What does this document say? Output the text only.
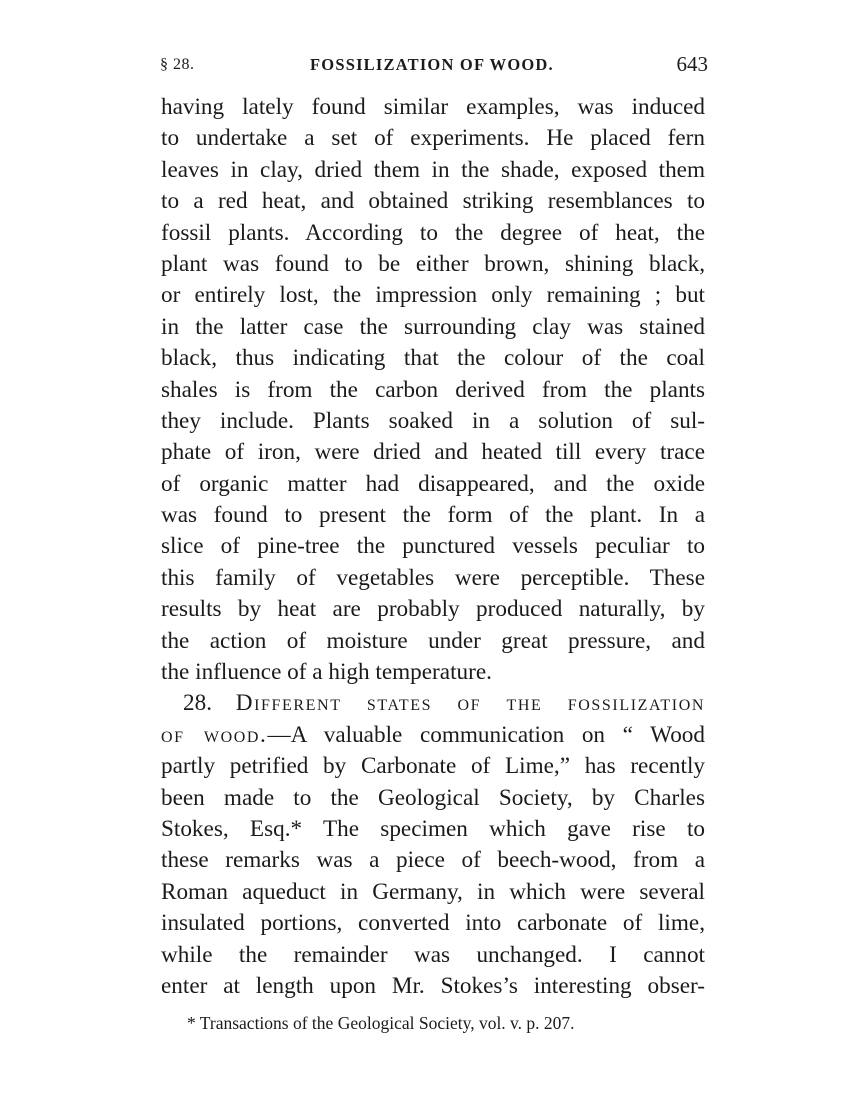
§ 28.	FOSSILIZATION OF WOOD.	643
having lately found similar examples, was induced
to undertake a set of experiments. He placed fern
leaves in clay, dried them in the shade, exposed them
to a red heat, and obtained striking resemblances to
fossil plants. According to the degree of heat, the
plant was found to be either brown, shining black,
or entirely lost, the impression only remaining ; but
in the latter case the surrounding clay was stained
black, thus indicating that the colour of the coal
shales is from the carbon derived from the plants
they include. Plants soaked in a solution of sul-
phate of iron, were dried and heated till every trace
of organic matter had disappeared, and the oxide
was found to present the form of the plant. In a
slice of pine-tree the punctured vessels peculiar to
this family of vegetables were perceptible. These
results by heat are probably produced naturally, by
the action of moisture under great pressure, and
the influence of a high temperature.
28. Different states of the fossilization
of wood.—A valuable communication on “ Wood
partly petrified by Carbonate of Lime,” has recently
been made to the Geological Society, by Charles
Stokes, Esq.* The specimen which gave rise to
these remarks was a piece of beech-wood, from a
Roman aqueduct in Germany, in which were several
insulated portions, converted into carbonate of lime,
while the remainder was unchanged. I cannot
enter at length upon Mr. Stokes’s interesting obser-
* Transactions of the Geological Society, vol. v. p. 207.
